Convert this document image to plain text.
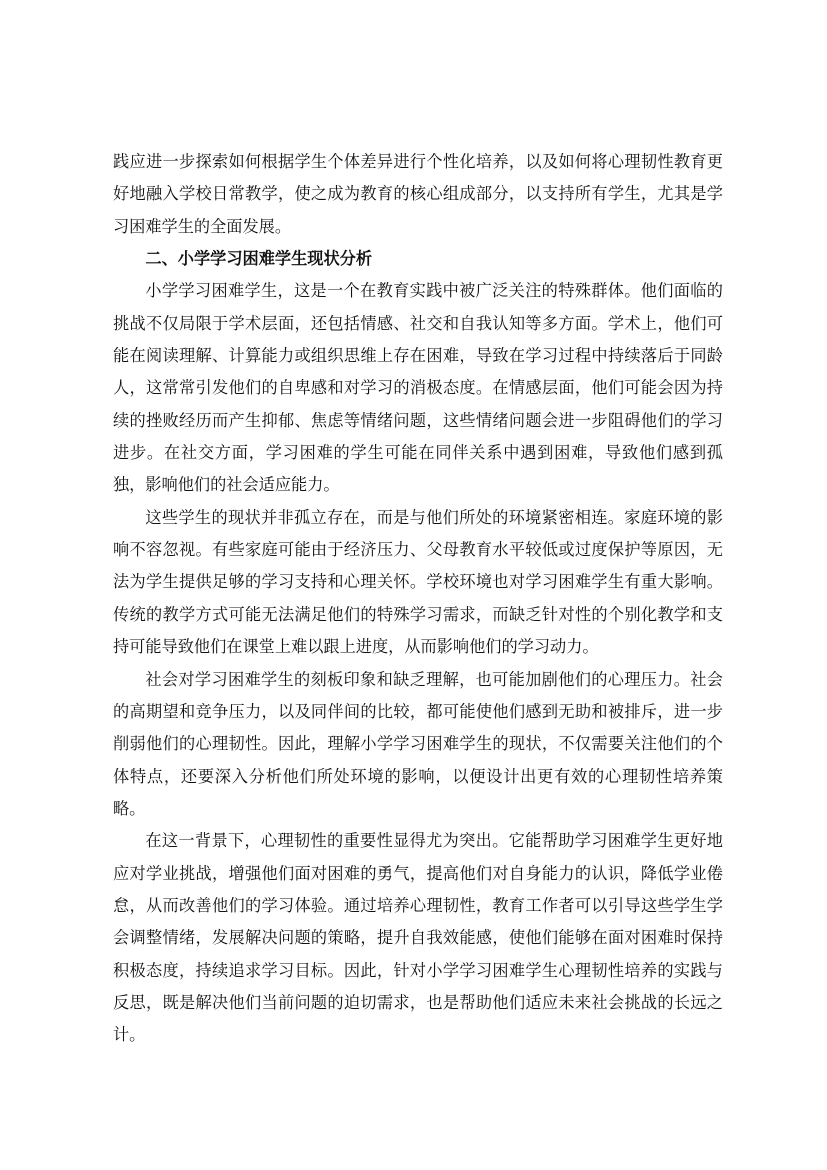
践应进一步探索如何根据学生个体差异进行个性化培养，以及如何将心理韧性教育更好地融入学校日常教学，使之成为教育的核心组成部分，以支持所有学生，尤其是学习困难学生的全面发展。

二、小学学习困难学生现状分析

小学学习困难学生，这是一个在教育实践中被广泛关注的特殊群体。他们面临的挑战不仅局限于学术层面，还包括情感、社交和自我认知等多方面。学术上，他们可能在阅读理解、计算能力或组织思维上存在困难，导致在学习过程中持续落后于同龄人，这常常引发他们的自卑感和对学习的消极态度。在情感层面，他们可能会因为持续的挫败经历而产生抑郁、焦虑等情绪问题，这些情绪问题会进一步阻碍他们的学习进步。在社交方面，学习困难的学生可能在同伴关系中遇到困难，导致他们感到孤独，影响他们的社会适应能力。

这些学生的现状并非孤立存在，而是与他们所处的环境紧密相连。家庭环境的影响不容忽视。有些家庭可能由于经济压力、父母教育水平较低或过度保护等原因，无法为学生提供足够的学习支持和心理关怀。学校环境也对学习困难学生有重大影响。传统的教学方式可能无法满足他们的特殊学习需求，而缺乏针对性的个别化教学和支持可能导致他们在课堂上难以跟上进度，从而影响他们的学习动力。

社会对学习困难学生的刻板印象和缺乏理解，也可能加剧他们的心理压力。社会的高期望和竞争压力，以及同伴间的比较，都可能使他们感到无助和被排斥，进一步削弱他们的心理韧性。因此，理解小学学习困难学生的现状，不仅需要关注他们的个体特点，还要深入分析他们所处环境的影响，以便设计出更有效的心理韧性培养策略。

在这一背景下，心理韧性的重要性显得尤为突出。它能帮助学习困难学生更好地应对学业挑战，增强他们面对困难的勇气，提高他们对自身能力的认识，降低学业倦怠，从而改善他们的学习体验。通过培养心理韧性，教育工作者可以引导这些学生学会调整情绪，发展解决问题的策略，提升自我效能感，使他们能够在面对困难时保持积极态度，持续追求学习目标。因此，针对小学学习困难学生心理韧性培养的实践与反思，既是解决他们当前问题的迫切需求，也是帮助他们适应未来社会挑战的长远之计。
